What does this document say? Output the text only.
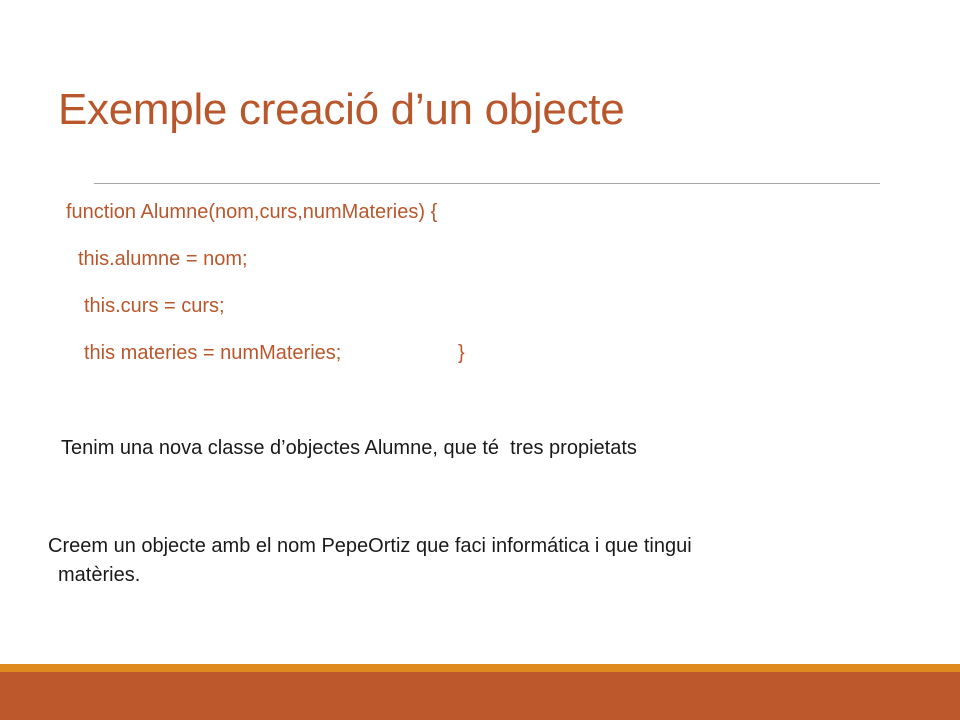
Exemple creació d’un objecte
function Alumne(nom,curs,numMateries) {
this.alumne = nom;
this.curs = curs;
this materies = numMateries;	}
Tenim una nova classe d’objectes Alumne, que té  tres propietats
Creem un objecte amb el nom PepeOrtiz que faci informática i que tingui
matèries.
